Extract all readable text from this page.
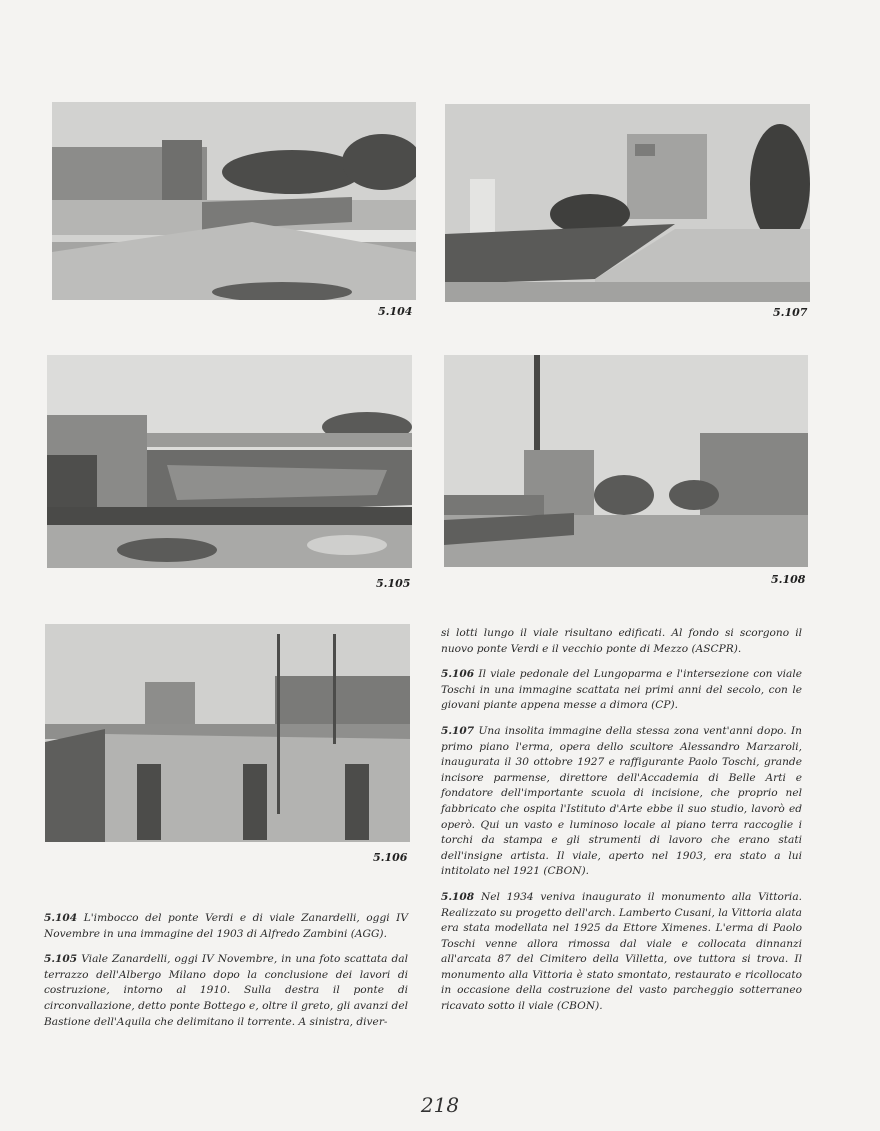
5.104
5.105
5.106
5.107
5.108

5.104 L'imbocco del ponte Verdi e di viale Zanardelli, oggi IV Novembre in una immagine del 1903 di Alfredo Zambini (AGG).

5.105 Viale Zanardelli, oggi IV Novembre, in una foto scattata dal terrazzo dell'Albergo Milano dopo la conclusione dei lavori di costruzione, intorno al 1910. Sulla destra il ponte di circonvallazione, detto ponte Bottego e, oltre il greto, gli avanzi del Bastione dell'Aquila che delimitano il torrente. A sinistra, diver-

si lotti lungo il viale risultano edificati. Al fondo si scorgono il nuovo ponte Verdi e il vecchio ponte di Mezzo (ASCPR).

5.106 Il viale pedonale del Lungoparma e l'intersezione con viale Toschi in una immagine scattata nei primi anni del secolo, con le giovani piante appena messe a dimora (CP).

5.107 Una insolita immagine della stessa zona vent'anni dopo. In primo piano l'erma, opera dello scultore Alessandro Marzaroli, inaugurata il 30 ottobre 1927 e raffigurante Paolo Toschi, grande incisore parmense, direttore dell'Accademia di Belle Arti e fondatore dell'importante scuola di incisione, che proprio nel fabbricato che ospita l'Istituto d'Arte ebbe il suo studio, lavorò ed operò. Qui un vasto e luminoso locale al piano terra raccoglie i torchi da stampa e gli strumenti di lavoro che erano stati dell'insigne artista. Il viale, aperto nel 1903, era stato a lui intitolato nel 1921 (CBON).

5.108 Nel 1934 veniva inaugurato il monumento alla Vittoria. Realizzato su progetto dell'arch. Lamberto Cusani, la Vittoria alata era stata modellata nel 1925 da Ettore Ximenes. L'erma di Paolo Toschi venne allora rimossa dal viale e collocata dinnanzi all'arcata 87 del Cimitero della Villetta, ove tuttora si trova. Il monumento alla Vittoria è stato smontato, restaurato e ricollocato in occasione della costruzione del vasto parcheggio sotterraneo ricavato sotto il viale (CBON).

218
